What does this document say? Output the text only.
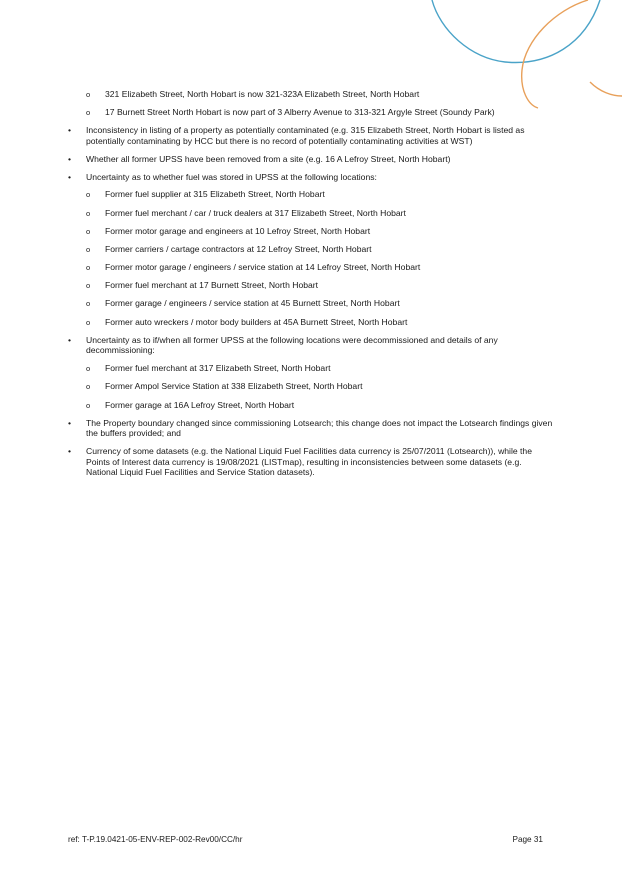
o 321 Elizabeth Street, North Hobart is now 321-323A Elizabeth Street, North Hobart
o 17 Burnett Street North Hobart is now part of 3 Alberry Avenue to 313-321 Argyle Street (Soundy Park)
• Inconsistency in listing of a property as potentially contaminated (e.g. 315 Elizabeth Street, North Hobart is listed as potentially contaminating by HCC but there is no record of potentially contaminating activities at WST)
• Whether all former UPSS have been removed from a site (e.g. 16 A Lefroy Street, North Hobart)
• Uncertainty as to whether fuel was stored in UPSS at the following locations:
o Former fuel supplier at 315 Elizabeth Street, North Hobart
o Former fuel merchant / car / truck dealers at 317 Elizabeth Street, North Hobart
o Former motor garage and engineers at 10 Lefroy Street, North Hobart
o Former carriers / cartage contractors at 12 Lefroy Street, North Hobart
o Former motor garage / engineers / service station at 14 Lefroy Street, North Hobart
o Former fuel merchant at 17 Burnett Street, North Hobart
o Former garage / engineers / service station at 45 Burnett Street, North Hobart
o Former auto wreckers / motor body builders at 45A Burnett Street, North Hobart
• Uncertainty as to if/when all former UPSS at the following locations were decommissioned and details of any decommissioning:
o Former fuel merchant at 317 Elizabeth Street, North Hobart
o Former Ampol Service Station at 338 Elizabeth Street, North Hobart
o Former garage at 16A Lefroy Street, North Hobart
• The Property boundary changed since commissioning Lotsearch; this change does not impact the Lotsearch findings given the buffers provided; and
• Currency of some datasets (e.g. the National Liquid Fuel Facilities data currency is 25/07/2011 (Lotsearch)), while the Points of Interest data currency is 19/08/2021 (LISTmap), resulting in inconsistencies between some datasets (e.g. National Liquid Fuel Facilities and Service Station datasets).
ref: T-P.19.0421-05-ENV-REP-002-Rev00/CC/hr	Page 31
